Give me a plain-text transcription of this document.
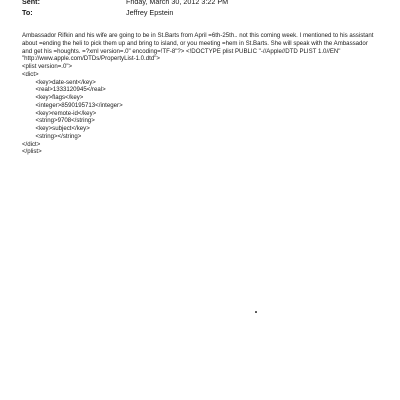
Sent:	Friday, March 30, 2012 3:22 PM
To:	Jeffrey Epstein

Ambassador Rifkin and his wife are going to be in St.Barts from April =6th-25th.. not this coming week. I mentioned to his assistant about =ending the heli to pick them up and bring to island, or you meeting =hem in St.Barts. She will speak with the Ambassador and get his =houghts. =?xml version=.0" encoding=!TF-8"?> <!DOCTYPE plist PUBLIC "-//Apple//DTD PLIST 1.0//EN" "http://www.apple.com/DTDs/PropertyList-1.0.dtd">

<plist version=.0">

<dict>

<key>date-sent</key>

<real>1333120945</real>

<key>flags</key>

<integer>8590195713</integer>

<key>remote-id</key>

<string>9708</string>

<key>subject</key>

<string></string>

</dict>

</plist>
